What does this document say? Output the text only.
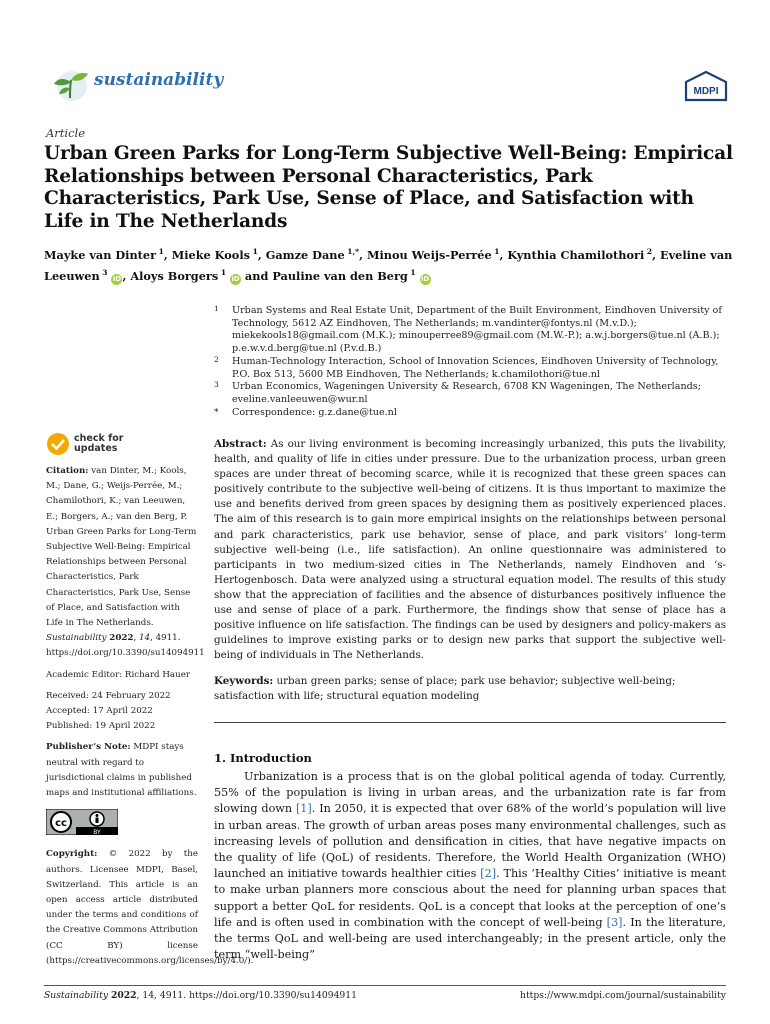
sustainability
MDPI
Article
Urban Green Parks for Long-Term Subjective Well-Being: Empirical Relationships between Personal Characteristics, Park Characteristics, Park Use, Sense of Place, and Satisfaction with Life in The Netherlands
Mayke van Dinter $^1$, Mieke Kools $^1$, Gamze Dane $^{1,*}$, Minou Weijs-Perrée $^1$, Kynthia Chamilothori $^2$, Eveline van Leeuwen $^3$ iD, Aloys Borgers $^1$ iD and Pauline van den Berg $^1$ iD
1 Urban Systems and Real Estate Unit, Department of the Built Environment, Eindhoven University of Technology, 5612 AZ Eindhoven, The Netherlands; m.vandinter@fontys.nl (M.v.D.); miekekools18@gmail.com (M.K.); minouperree89@gmail.com (M.W.-P.); a.w.j.borgers@tue.nl (A.B.); p.e.w.v.d.berg@tue.nl (P.v.d.B.)
2 Human-Technology Interaction, School of Innovation Sciences, Eindhoven University of Technology, P.O. Box 513, 5600 MB Eindhoven, The Netherlands; k.chamilothori@tue.nl
3 Urban Economics, Wageningen University & Research, 6708 KN Wageningen, The Netherlands; eveline.vanleeuwen@wur.nl
* Correspondence: g.z.dane@tue.nl
check for
updates
Citation: van Dinter, M.; Kools, M.; Dane, G.; Weijs-Perrée, M.; Chamilothori, K.; van Leeuwen, E.; Borgers, A.; van den Berg, P. Urban Green Parks for Long-Term Subjective Well-Being: Empirical Relationships between Personal Characteristics, Park Characteristics, Park Use, Sense of Place, and Satisfaction with Life in The Netherlands. Sustainability 2022, 14, 4911. https://doi.org/10.3390/su14094911
Academic Editor: Richard Hauer
Received: 24 February 2022
Accepted: 17 April 2022
Published: 19 April 2022
Publisher’s Note: MDPI stays neutral with regard to jurisdictional claims in published maps and institutional affiliations.
cc
BY
Copyright: © 2022 by the authors. Licensee MDPI, Basel, Switzerland. This article is an open access article distributed under the terms and conditions of the Creative Commons Attribution (CC BY) license (https://creativecommons.org/licenses/by/4.0/).
Abstract: As our living environment is becoming increasingly urbanized, this puts the livability, health, and quality of life in cities under pressure. Due to the urbanization process, urban green spaces are under threat of becoming scarce, while it is recognized that these green spaces can positively contribute to the subjective well-being of citizens. It is thus important to maximize the use and benefits derived from green spaces by designing them as positively experienced places. The aim of this research is to gain more empirical insights on the relationships between personal and park characteristics, park use behavior, sense of place, and park visitors’ long-term subjective well-being (i.e., life satisfaction). An online questionnaire was administered to participants in two medium-sized cities in The Netherlands, namely Eindhoven and ‘s-Hertogenbosch. Data were analyzed using a structural equation model. The results of this study show that the appreciation of facilities and the absence of disturbances positively influence the use and sense of place of a park. Furthermore, the findings show that sense of place has a positive influence on life satisfaction. The findings can be used by designers and policy-makers as guidelines to improve existing parks or to design new parks that support the subjective well-being of individuals in The Netherlands.
Keywords: urban green parks; sense of place; park use behavior; subjective well-being; satisfaction with life; structural equation modeling
1. Introduction

Urbanization is a process that is on the global political agenda of today. Currently, 55% of the population is living in urban areas, and the urbanization rate is far from slowing down [1]. In 2050, it is expected that over 68% of the world’s population will live in urban areas. The growth of urban areas poses many environmental challenges, such as increasing levels of pollution and densification in cities, that have negative impacts on the quality of life (QoL) of residents. Therefore, the World Health Organization (WHO) launched an initiative towards healthier cities [2]. This ‘Healthy Cities’ initiative is meant to make urban planners more conscious about the need for planning urban spaces that support a better QoL for residents. QoL is a concept that looks at the perception of one’s life and is often used in combination with the concept of well-being [3]. In the literature, the terms QoL and well-being are used interchangeably; in the present article, only the term “well-being”

Sustainability 2022, 14, 4911. https://doi.org/10.3390/su14094911	https://www.mdpi.com/journal/sustainability
